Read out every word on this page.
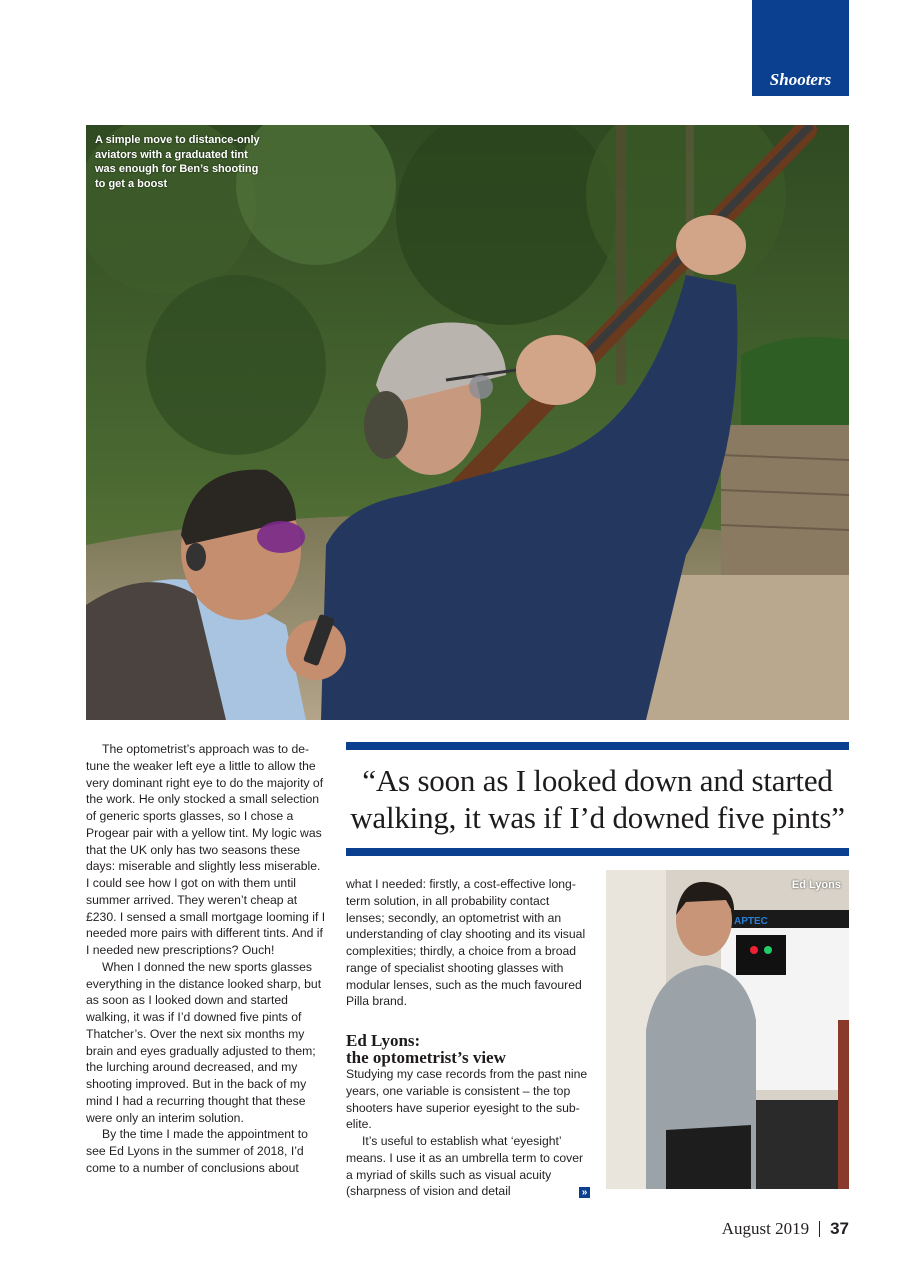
Shooters
A simple move to distance-only aviators with a graduated tint was enough for Ben’s shooting to get a boost

The optometrist’s approach was to de-tune the weaker left eye a little to allow the very dominant right eye to do the majority of the work. He only stocked a small selection of generic sports glasses, so I chose a Progear pair with a yellow tint. My logic was that the UK only has two seasons these days: miserable and slightly less miserable. I could see how I got on with them until summer arrived. They weren’t cheap at £230. I sensed a small mortgage looming if I needed more pairs with different tints. And if I needed new prescriptions? Ouch!

When I donned the new sports glasses everything in the distance looked sharp, but as soon as I looked down and started walking, it was if I’d downed five pints of Thatcher’s. Over the next six months my brain and eyes gradually adjusted to them; the lurching around decreased, and my shooting improved. But in the back of my mind I had a recurring thought that these were only an interim solution.

By the time I made the appointment to see Ed Lyons in the summer of 2018, I’d come to a number of conclusions about

“As soon as I looked down and started walking, it was if I’d downed five pints”

what I needed: firstly, a cost-effective long-term solution, in all probability contact lenses; secondly, an optometrist with an understanding of clay shooting and its visual complexities; thirdly, a choice from a broad range of specialist shooting glasses with modular lenses, such as the much favoured Pilla brand.

Ed Lyons:
the optometrist’s view

Studying my case records from the past nine years, one variable is consistent – the top shooters have superior eyesight to the sub-elite.

It’s useful to establish what ‘eyesight’ means. I use it as an umbrella term to cover a myriad of skills such as visual acuity (sharpness of vision and detail	»
APTEC
Ed Lyons
August 2019 37
